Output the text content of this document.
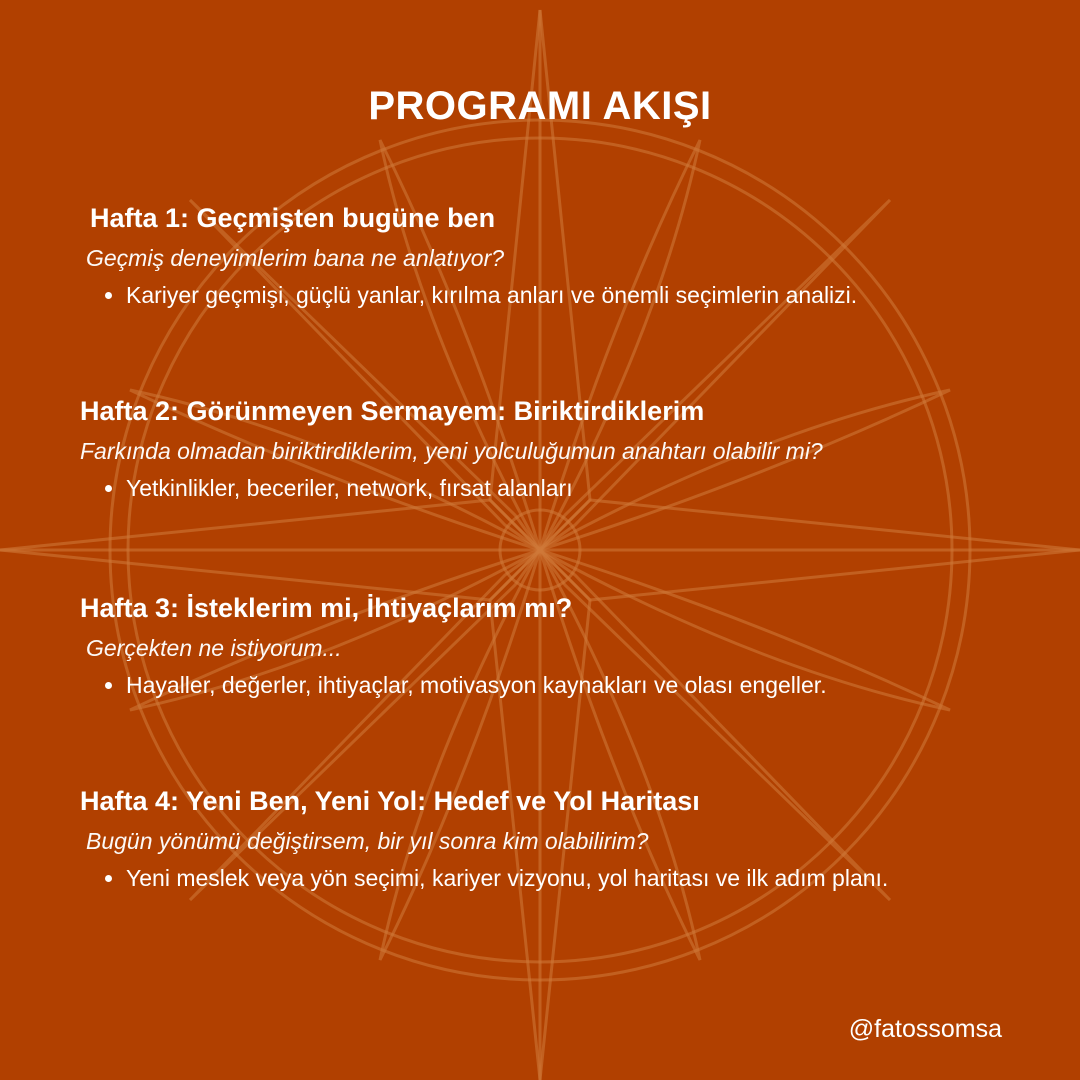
PROGRAMI AKIŞI
Hafta 1: Geçmişten bugüne ben

Geçmiş deneyimlerim bana ne anlatıyor?

• Kariyer geçmişi, güçlü yanlar, kırılma anları ve önemli seçimlerin analizi.
Hafta 2: Görünmeyen Sermayem: Biriktirdiklerim

Farkında olmadan biriktirdiklerim, yeni yolculuğumun anahtarı olabilir mi?

• Yetkinlikler, beceriler, network, fırsat alanları
Hafta 3: İsteklerim mi, İhtiyaçlarım mı?

Gerçekten ne istiyorum...

• Hayaller, değerler, ihtiyaçlar, motivasyon kaynakları ve olası engeller.
Hafta 4: Yeni Ben, Yeni Yol: Hedef ve Yol Haritası

Bugün yönümü değiştirsem, bir yıl sonra kim olabilirim?

• Yeni meslek veya yön seçimi, kariyer vizyonu, yol haritası ve ilk adım planı.

@fatossomsa
